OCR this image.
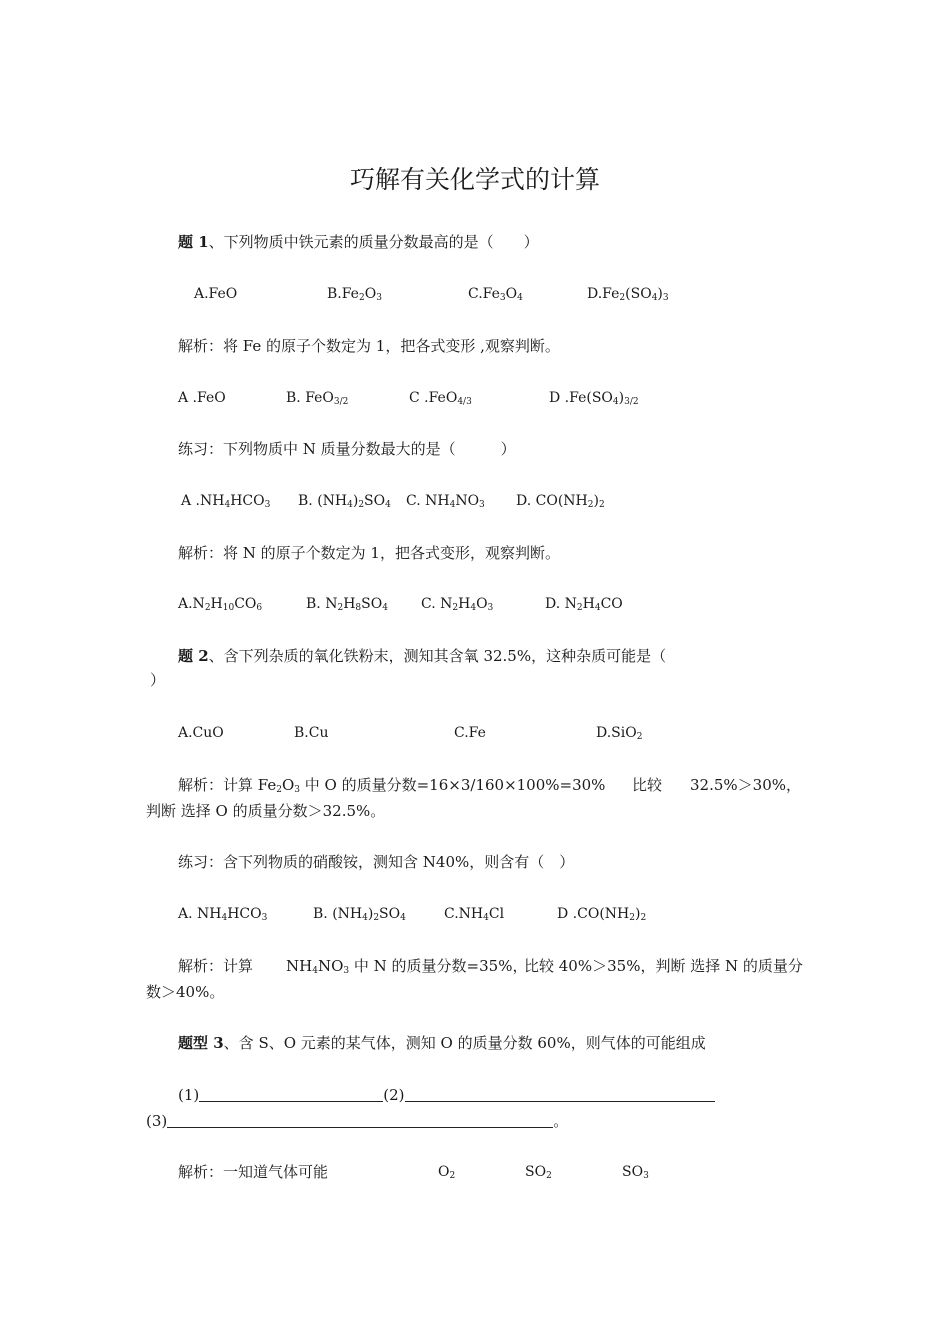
巧解有关化学式的计算
题 1、下列物质中铁元素的质量分数最高的是（　　）
A.FeO	$B.Fe_2O_3$	$C.Fe_3O_4$	$D.Fe_2(SO_4)_3$
解析：将 Fe 的原子个数定为 1，把各式变形 ,观察判断。
A .FeO	B. FeO$_{3/2}$	C .FeO$_{4/3}$	D $.Fe(SO_4)_{3/2}$
练习：下列物质中 N 质量分数最大的是（　　　）
A $.NH_4HCO_3$ B. $(NH_4)_2SO_4$ C. $NH_4NO_3$ D. $CO(NH_2)_2$
解析：将 N 的原子个数定为 1，把各式变形，观察判断。
$A.N_2H_{10}CO_6$	B. $N_2H_8SO_4$ C. $N_2H_4O_3$	D. $N_2H_4CO$
题 2、含下列杂质的氧化铁粉末，测知其含氧 32.5%，这种杂质可能是（
）
A.CuO	B.Cu	C.Fe	D.SiO$_2$
解析：计算 $Fe_2O_3$ 中 O 的质量分数=16×3/160×100%=30% 比较 32.5%＞30%，
判断 选择 O 的质量分数＞32.5%。
练习：含下列物质的硝酸铵，测知含 N40%，则含有（　）
A. $NH_4HCO_3$	B. $(NH_4)_2SO_4$	$C.NH_4Cl$	D $.CO(NH_2)_2$
解析：计算 $NH_4NO_3$ 中 N 的质量分数=35%，
比较 40%＞35%，判断 选择 N 的质量分
数＞40%。
题型 3、含 S、O 元素的某气体，测知 O 的质量分数 60%，则气体的可能组成
(1)	(2)
(3)	。
解析：一知道气体可能	$O_2$	$SO_2$	$SO_3$
